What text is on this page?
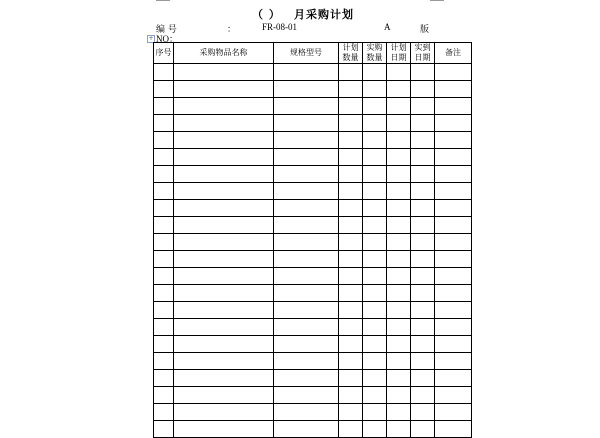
（ ） 月采购计划
编 号	：	FR-08-01	A	版
NO：
+
序号	采购物品名称	规格型号	计划数量	实购数量	计划日期	实到日期	备注
